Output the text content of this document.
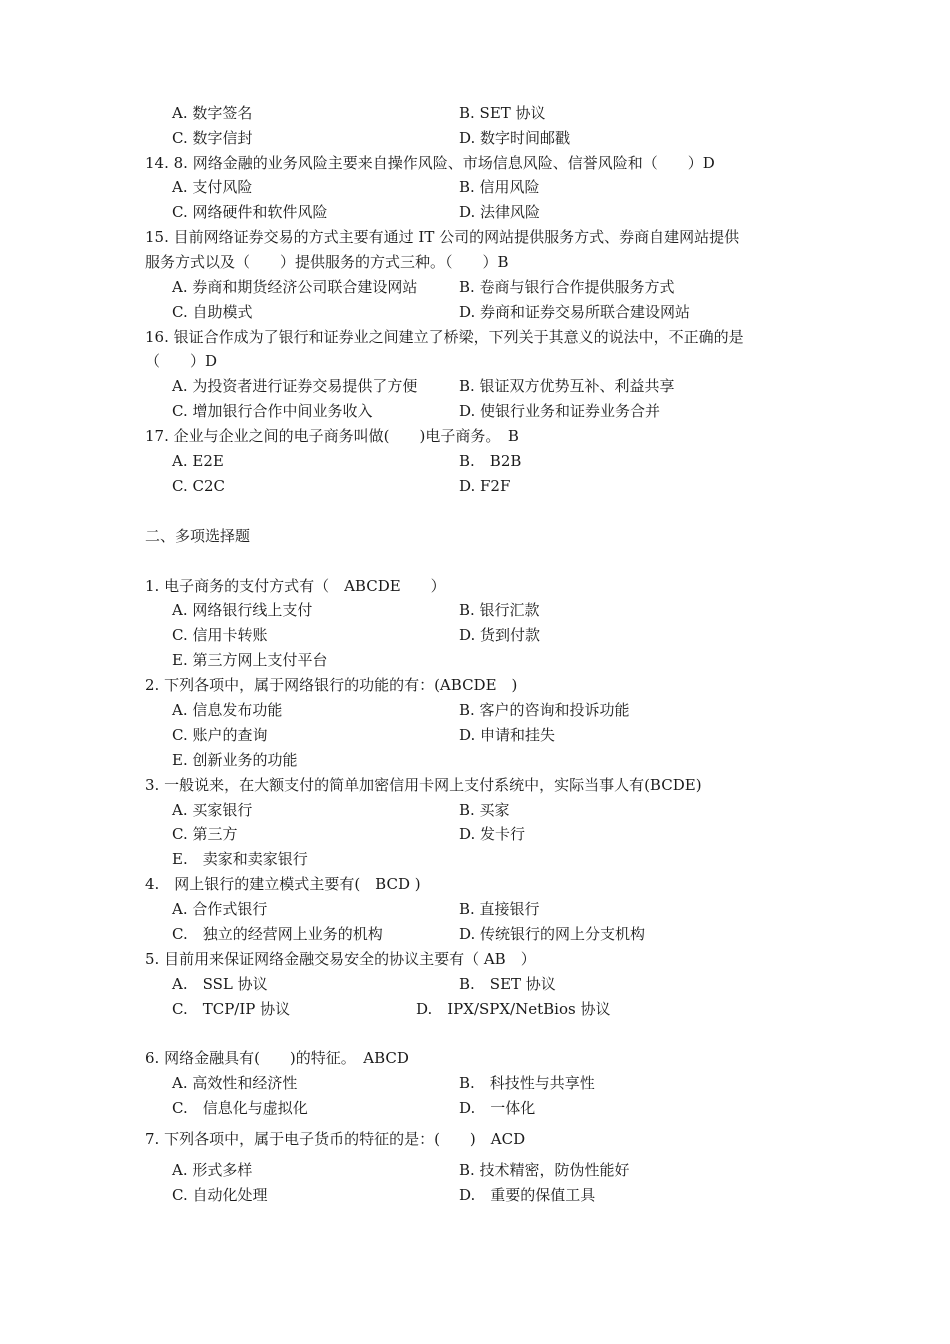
A. 数字签名	B. SET 协议
C. 数字信封	D. 数字时间邮戳
14. 8. 网络金融的业务风险主要来自操作风险、市场信息风险、信誉风险和（　　）D
A. 支付风险	B. 信用风险
C. 网络硬件和软件风险	D. 法律风险
15. 目前网络证券交易的方式主要有通过 IT 公司的网站提供服务方式、券商自建网站提供
服务方式以及（　　）提供服务的方式三种。（　　）B
A. 券商和期货经济公司联合建设网站	B. 卷商与银行合作提供服务方式
C. 自助模式	D. 券商和证券交易所联合建设网站
16. 银证合作成为了银行和证券业之间建立了桥梁，下列关于其意义的说法中，不正确的是
（　　）D
A. 为投资者进行证券交易提供了方便	B. 银证双方优势互补、利益共享
C. 增加银行合作中间业务收入	D. 使银行业务和证券业务合并
17. 企业与企业之间的电子商务叫做(　　)电子商务。　B
A. E2E	B.　B2B
C. C2C	D. F2F
二、多项选择题
1. 电子商务的支付方式有（　ABCDE　　）
A. 网络银行线上支付	B. 银行汇款
C. 信用卡转账	D. 货到付款
E. 第三方网上支付平台
2. 下列各项中，属于网络银行的功能的有：(ABCDE　)
A. 信息发布功能	B. 客户的咨询和投诉功能
C. 账户的查询	D. 申请和挂失
E. 创新业务的功能
3. 一般说来，在大额支付的简单加密信用卡网上支付系统中，实际当事人有(BCDE)
A. 买家银行	B. 买家
C. 第三方	D. 发卡行
E.　卖家和卖家银行
4.　网上银行的建立模式主要有(　BCD )
A. 合作式银行	B. 直接银行
C.　独立的经营网上业务的机构	D. 传统银行的网上分支机构
5. 目前用来保证网络金融交易安全的协议主要有（ AB　）
A.　SSL 协议	B.　SET 协议
C.　TCP/IP 协议	D.　IPX/SPX/NetBios 协议
6. 网络金融具有(　　)的特征。　ABCD
A. 高效性和经济性	B.　科技性与共享性
C.　信息化与虚拟化	D.　一体化
7. 下列各项中，属于电子货币的特征的是：(　　)　ACD
A. 形式多样	B. 技术精密，防伪性能好
C. 自动化处理	D.　重要的保值工具
